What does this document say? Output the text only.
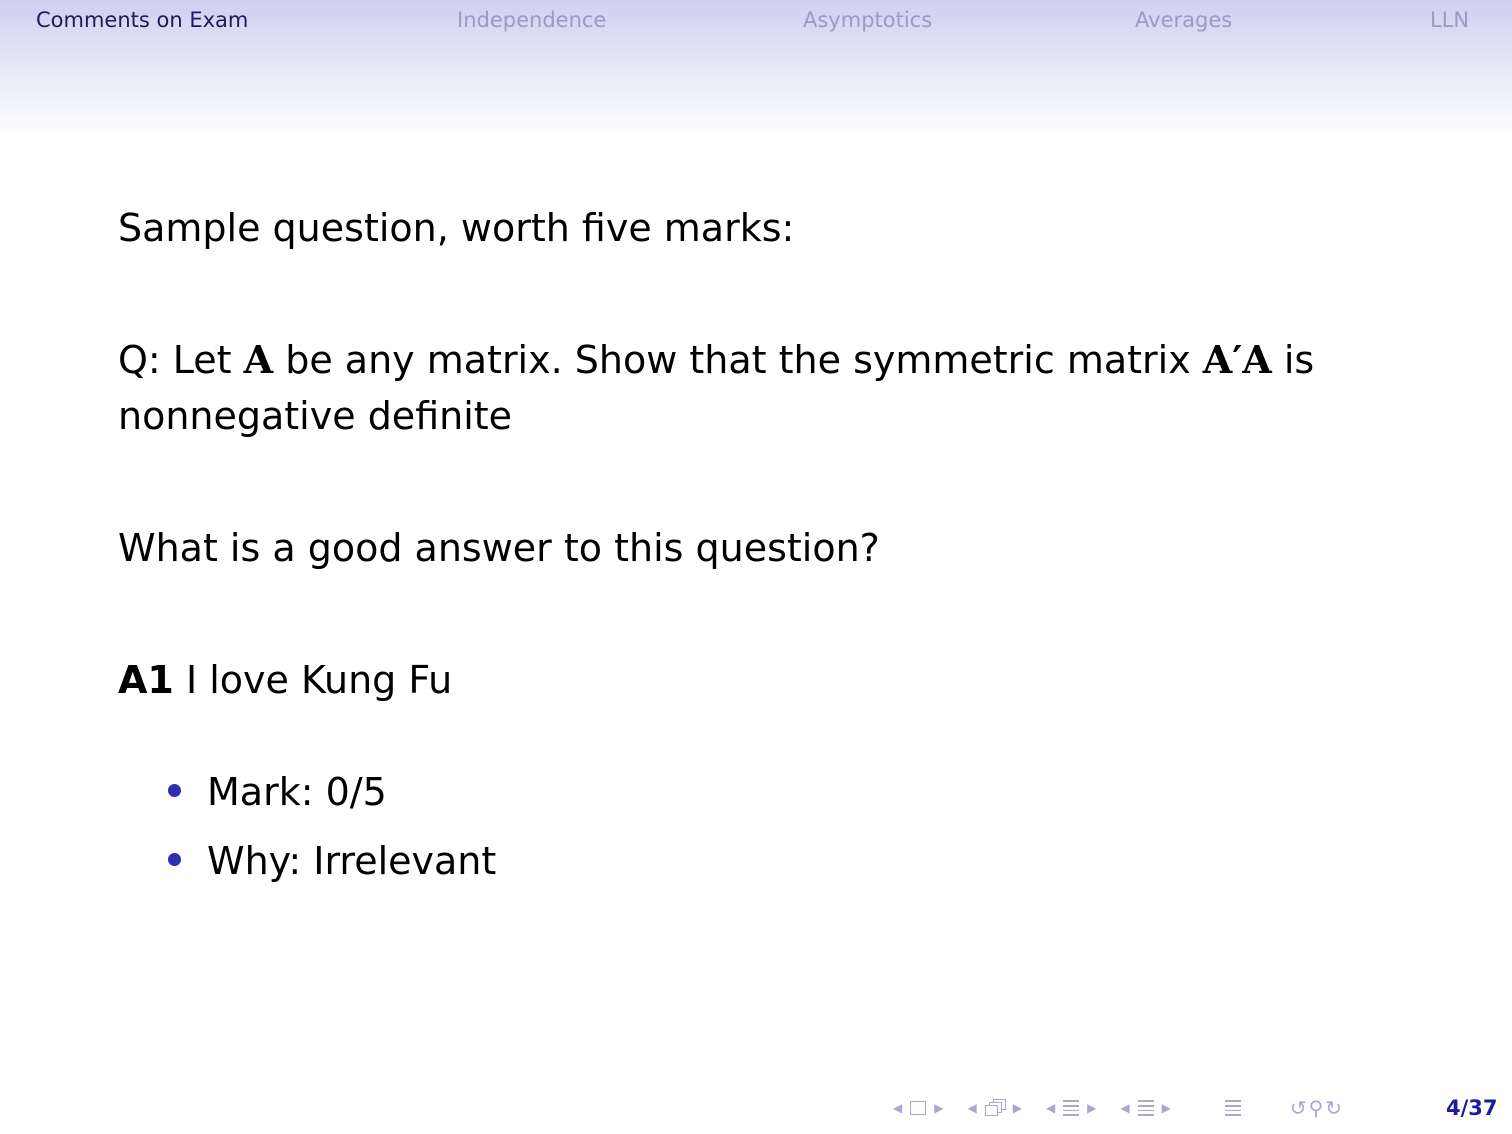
Comments on Exam	Independence	Asymptotics	Averages	LLN
Sample question, worth five marks:
Q: Let A be any matrix. Show that the symmetric matrix A′A is
nonnegative definite
What is a good answer to this question?
A1 I love Kung Fu
Mark: 0/5
Why: Irrelevant
◀	▶ ◀	▶ ◀	▶ ◀	▶	↺ ⚲ ↻	4/37
